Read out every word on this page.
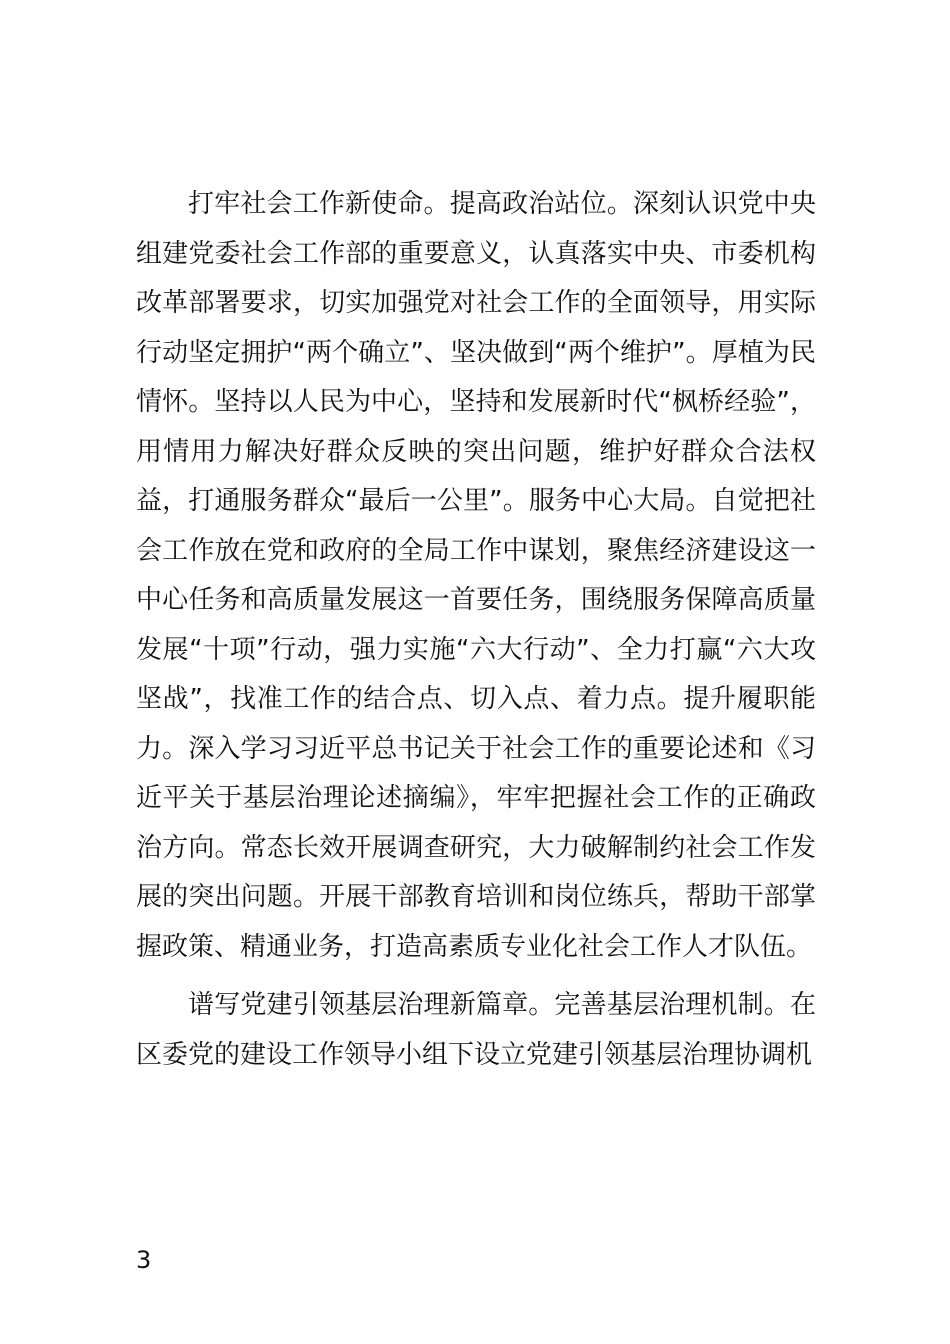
打牢社会工作新使命。提高政治站位。深刻认识党中央组建党委社会工作部的重要意义，认真落实中央、市委机构改革部署要求，切实加强党对社会工作的全面领导，用实际行动坚定拥护“两个确立”、坚决做到“两个维护”。厚植为民情怀。坚持以人民为中心，坚持和发展新时代“枫桥经验”，用情用力解决好群众反映的突出问题，维护好群众合法权益，打通服务群众“最后一公里”。服务中心大局。自觉把社会工作放在党和政府的全局工作中谋划，聚焦经济建设这一中心任务和高质量发展这一首要任务，围绕服务保障高质量发展“十项”行动，强力实施“六大行动”、全力打赢“六大攻坚战”，找准工作的结合点、切入点、着力点。提升履职能力。深入学习习近平总书记关于社会工作的重要论述和《习近平关于基层治理论述摘编》，牢牢把握社会工作的正确政治方向。常态长效开展调查研究，大力破解制约社会工作发展的突出问题。开展干部教育培训和岗位练兵，帮助干部掌握政策、精通业务，打造高素质专业化社会工作人才队伍。

谱写党建引领基层治理新篇章。完善基层治理机制。在区委党的建设工作领导小组下设立党建引领基层治理协调机

3
